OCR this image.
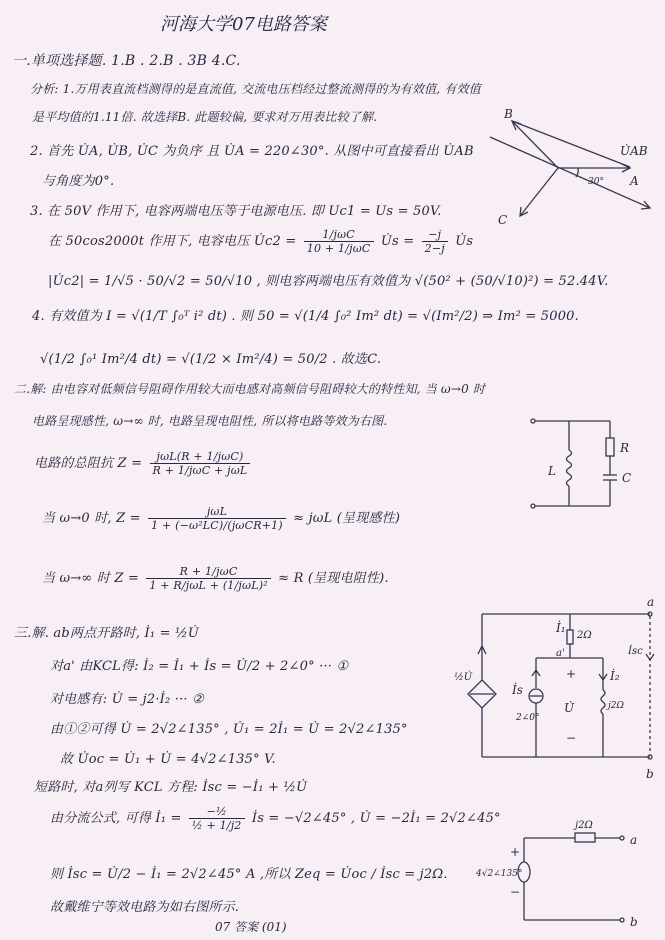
河海大学07电路答案
一.单项选择题. 1.B . 2.B . 3B 4.C.
分析: 1.万用表直流档测得的是直流值, 交流电压档经过整流测得的为有效值, 有效值
是平均值的1.11倍. 故选择B. 此题较偏, 要求对万用表比较了解.
2. 首先 U̇A, U̇B, U̇C 为负序 且 U̇A = 220∠30°. 从图中可直接看出 U̇AB
与角度为0°.
3. 在 50V 作用下, 电容两端电压等于电源电压. 即 Uc1 = Us = 50V.
在 50cos2000t 作用下, 电容电压 U̇c2 = $\frac{\text{1/jωC}}{\text{10 + 1/jωC}}$ U̇s = $\frac{-j}{2-j}$ U̇s
|U̇c2| = 1/√5 · 50/√2 = 50/√10 , 则电容两端电压有效值为 √(50² + (50/√10)²) = 52.44V.
4. 有效值为 I = √(1/T ∫₀ᵀ i² dt) . 则 50 = √(1/4 ∫₀² Im² dt) = √(Im²/2) ⇒ Im² = 5000.
√(1/2 ∫₀¹ Im²/4 dt) = √(1/2 × Im²/4) = 50/2 . 故选C.
二.解: 由电容对低频信号阻碍作用较大而电感对高频信号阻碍较大的特性知, 当 ω→0 时
电路呈现感性, ω→∞ 时, 电路呈现电阻性, 所以将电路等效为右图.
电路的总阻抗 $Z = \frac{\text{jωL(R + 1/jωC)}}{\text{R + 1/jωC + jωL}}$
当 ω→0 时, $Z = \frac{\text{jωL}}{\text{1 + (−ω²LC)/(jωCR+1)}} \approx j\omega L$ (呈现感性)
当 ω→∞ 时 $Z = \frac{\text{R + 1/jωC}}{\text{1 + R/jωL + (1/jωL)²}} \approx R$ (呈现电阻性).
三.解. ab两点开路时, İ₁ = ½U̇
对a' 由KCL得: İ₂ = İ₁ + İs = U̇/2 + 2∠0° ··· ①
对电感有: U̇ = j2·İ₂ ··· ②
由①②可得 U̇ = 2√2∠135° , U̇₁ = 2İ₁ = U̇ = 2√2∠135°
故 U̇oc = U̇₁ + U̇ = 4√2∠135° V.
短路时, 对a列写 KCL 方程: İsc = −İ₁ + ½U̇
由分流公式, 可得 İ₁ = $\frac{\text{−½}}{\text{½ + 1/j2}}$ İs = −√2∠45° , U̇ = −2İ₁ = 2√2∠45°
则 İsc = U̇/2 − İ₁ = 2√2∠45° A ,所以 Zeq = U̇oc / İsc = j2Ω.
故戴维宁等效电路为如右图所示.
07 答案 (01)
B
U̇AB
A
30°
C
L
R
C
a
İ₁
2Ω
İsc
½U̇
a'
+	İ₂
İs
U̇	j2Ω
2∠0°
−
b
j2Ω
a
+
4√2∠135°
−
b
